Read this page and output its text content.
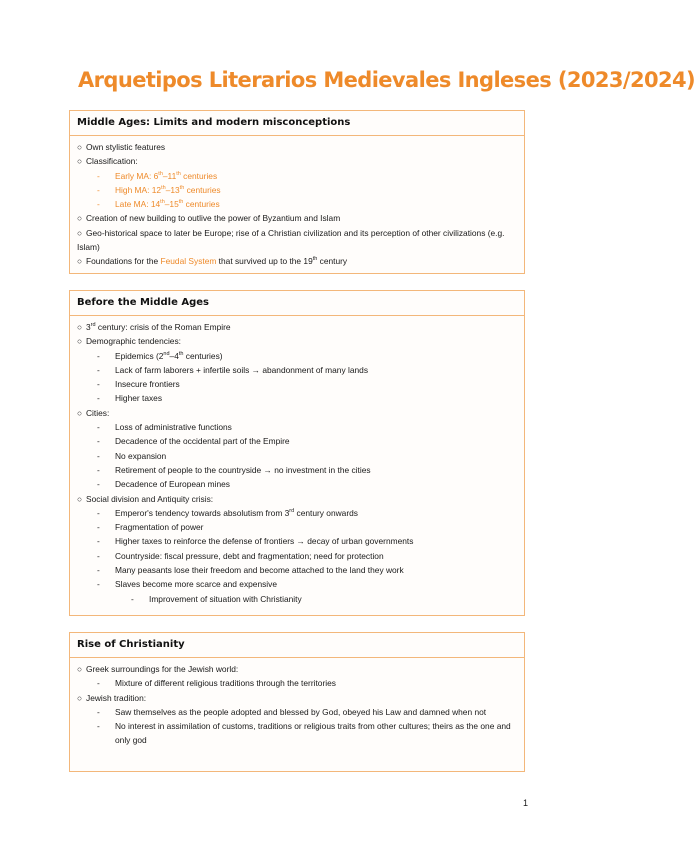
Arquetipos Literarios Medievales Ingleses (2023/2024)
Middle Ages: Limits and modern misconceptions
○ Own stylistic features
○ Classification:
- Early MA: 6th–11th centuries
- High MA: 12th–13th centuries
- Late MA: 14th–15th centuries
○ Creation of new building to outlive the power of Byzantium and Islam
○ Geo-historical space to later be Europe; rise of a Christian civilization and its perception of other civilizations (e.g. Islam)
○ Foundations for the Feudal System that survived up to the 19th century
Before the Middle Ages
○ 3rd century: crisis of the Roman Empire
○ Demographic tendencies:
- Epidemics (2nd–4th centuries)
- Lack of farm laborers + infertile soils → abandonment of many lands
- Insecure frontiers
- Higher taxes
○ Cities:
- Loss of administrative functions
- Decadence of the occidental part of the Empire
- No expansion
- Retirement of people to the countryside → no investment in the cities
- Decadence of European mines
○ Social division and Antiquity crisis:
- Emperor's tendency towards absolutism from 3rd century onwards
- Fragmentation of power
- Higher taxes to reinforce the defense of frontiers → decay of urban governments
- Countryside: fiscal pressure, debt and fragmentation; need for protection
- Many peasants lose their freedom and become attached to the land they work
- Slaves become more scarce and expensive
- Improvement of situation with Christianity
Rise of Christianity
○ Greek surroundings for the Jewish world:
- Mixture of different religious traditions through the territories
○ Jewish tradition:
- Saw themselves as the people adopted and blessed by God, obeyed his Law and damned when not
- No interest in assimilation of customs, traditions or religious traits from other cultures; theirs as the one and only god
1
